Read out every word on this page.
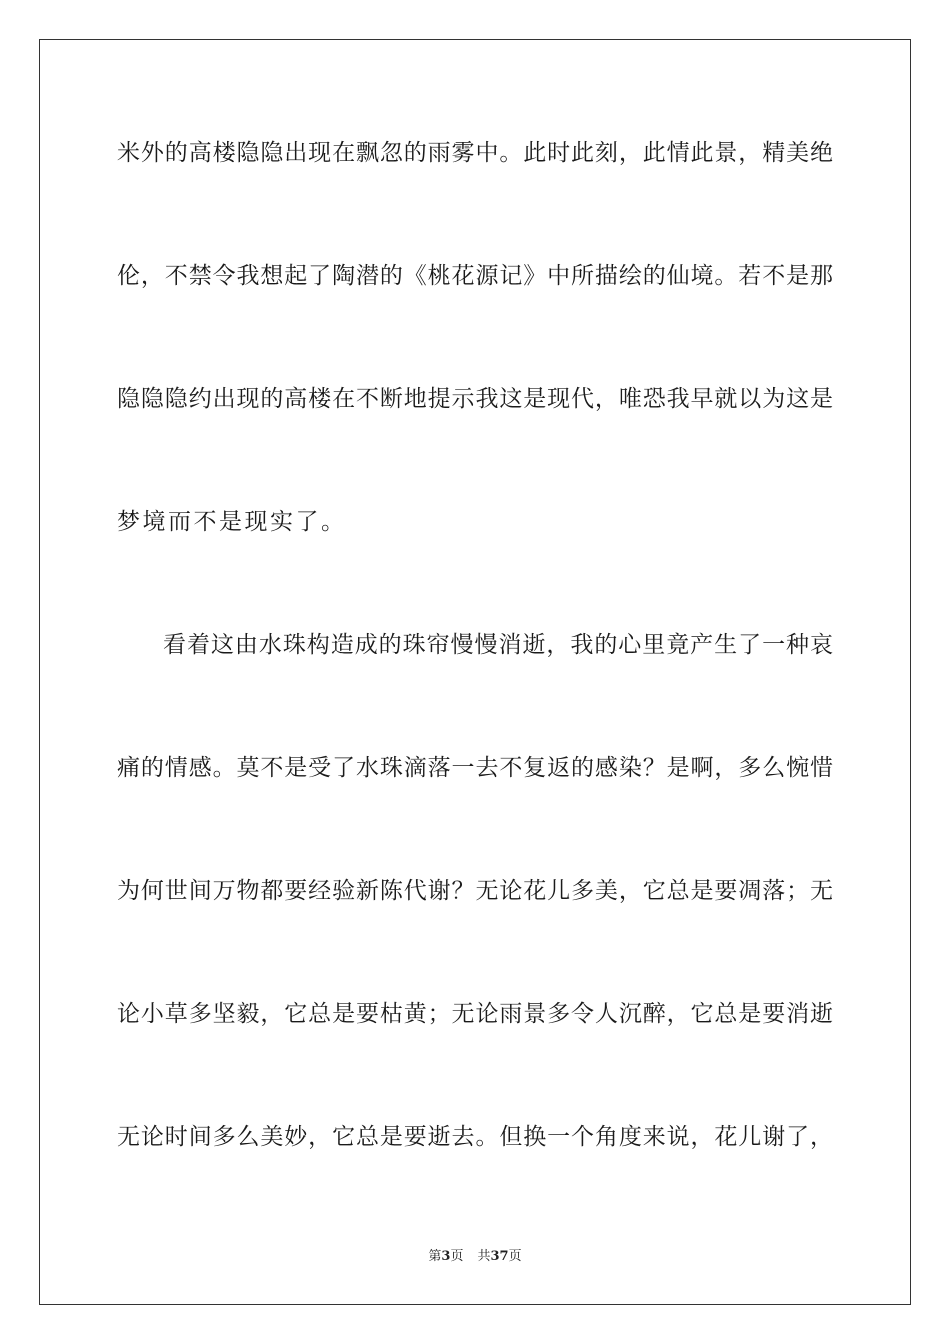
米外的高楼隐隐出现在飘忽的雨雾中。此时此刻，此情此景，精美绝
伦，不禁令我想起了陶潜的《桃花源记》中所描绘的仙境。若不是那
隐隐隐约出现的高楼在不断地提示我这是现代，唯恐我早就以为这是
梦境而不是现实了。
看着这由水珠构造成的珠帘慢慢消逝，我的心里竟产生了一种哀
痛的情感。莫不是受了水珠滴落一去不复返的感染？是啊，多么惋惜
为何世间万物都要经验新陈代谢？无论花儿多美，它总是要凋落；无
论小草多坚毅，它总是要枯黄；无论雨景多令人沉醉，它总是要消逝
无论时间多么美妙，它总是要逝去。但换一个角度来说，花儿谢了，
第3页 共37页
